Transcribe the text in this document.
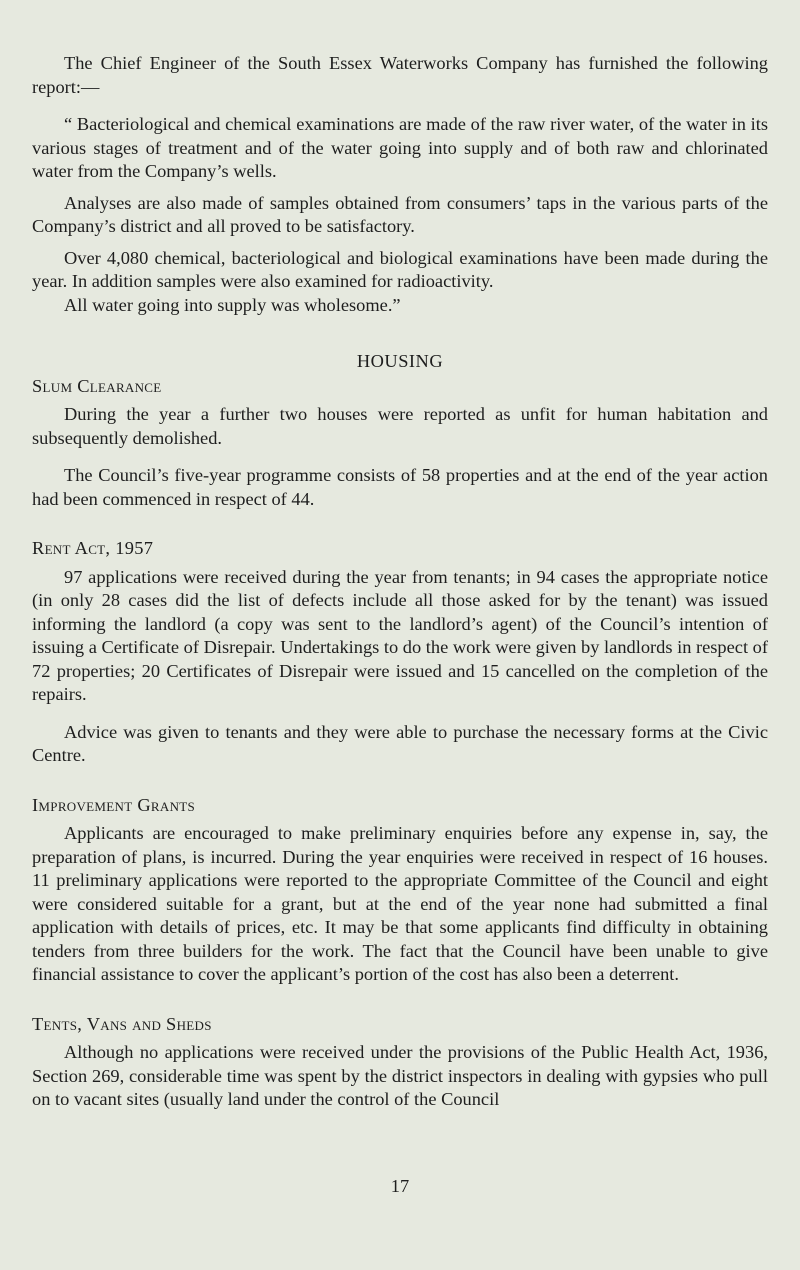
The Chief Engineer of the South Essex Waterworks Company has furnished the following report:—

“ Bacteriological and chemical examinations are made of the raw river water, of the water in its various stages of treatment and of the water going into supply and of both raw and chlorinated water from the Company’s wells.

Analyses are also made of samples obtained from consumers’ taps in the various parts of the Company’s district and all proved to be satisfactory.

Over 4,080 chemical, bacteriological and biological examinations have been made during the year. In addition samples were also examined for radioactivity.

All water going into supply was wholesome.”

HOUSING

Slum Clearance

During the year a further two houses were reported as unfit for human habitation and subsequently demolished.

The Council’s five-year programme consists of 58 properties and at the end of the year action had been commenced in respect of 44.

Rent Act, 1957

97 applications were received during the year from tenants; in 94 cases the appropriate notice (in only 28 cases did the list of defects include all those asked for by the tenant) was issued informing the landlord (a copy was sent to the landlord’s agent) of the Council’s intention of issuing a Certificate of Disrepair. Undertakings to do the work were given by landlords in respect of 72 properties; 20 Certificates of Disrepair were issued and 15 cancelled on the completion of the repairs.

Advice was given to tenants and they were able to purchase the necessary forms at the Civic Centre.

Improvement Grants

Applicants are encouraged to make preliminary enquiries before any expense in, say, the preparation of plans, is incurred. During the year enquiries were received in respect of 16 houses. 11 preliminary applications were reported to the appropriate Committee of the Council and eight were considered suitable for a grant, but at the end of the year none had submitted a final application with details of prices, etc. It may be that some applicants find difficulty in obtaining tenders from three builders for the work. The fact that the Council have been unable to give financial assistance to cover the applicant’s portion of the cost has also been a deterrent.

Tents, Vans and Sheds

Although no applications were received under the provisions of the Public Health Act, 1936, Section 269, considerable time was spent by the district inspectors in dealing with gypsies who pull on to vacant sites (usually land under the control of the Council

17
